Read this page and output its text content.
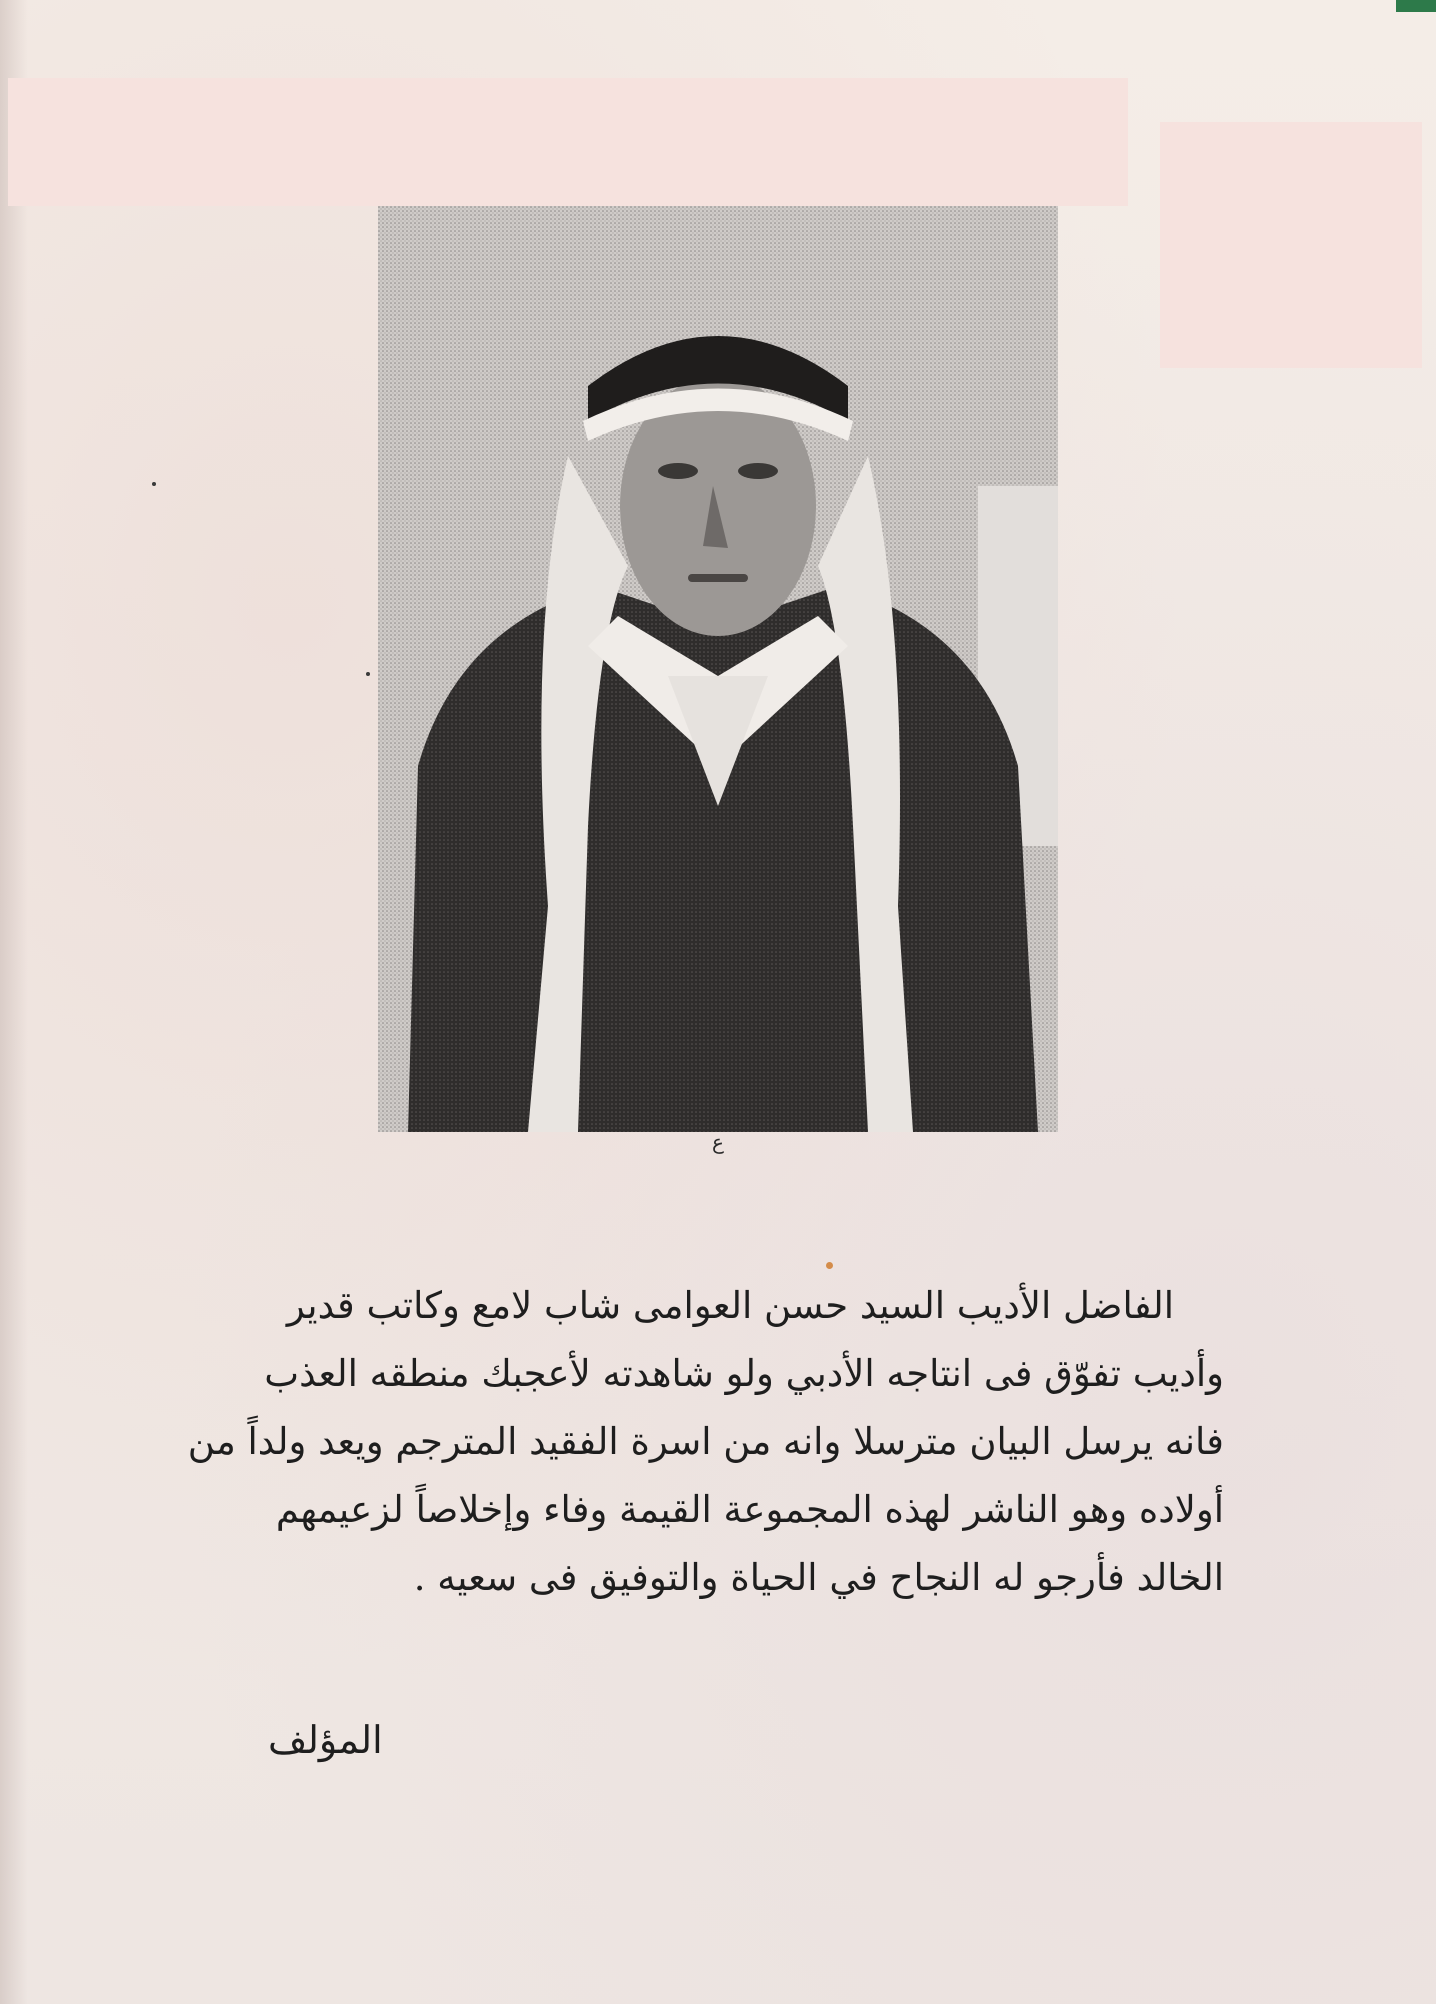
ع
الفاضل الأديب السيد حسن العوامى شاب لامع وكاتب قدير
وأديب تفوّق فى انتاجه الأدبي ولو شاهدته لأعجبك منطقه العذب
فانه يرسل البيان مترسلا وانه من اسرة الفقيد المترجم ويعد ولداً من
أولاده وهو الناشر لهذه المجموعة القيمة وفاء وإخلاصاً لزعيمهم
الخالد فأرجو له النجاح في الحياة والتوفيق فى سعيه .
المؤلف
